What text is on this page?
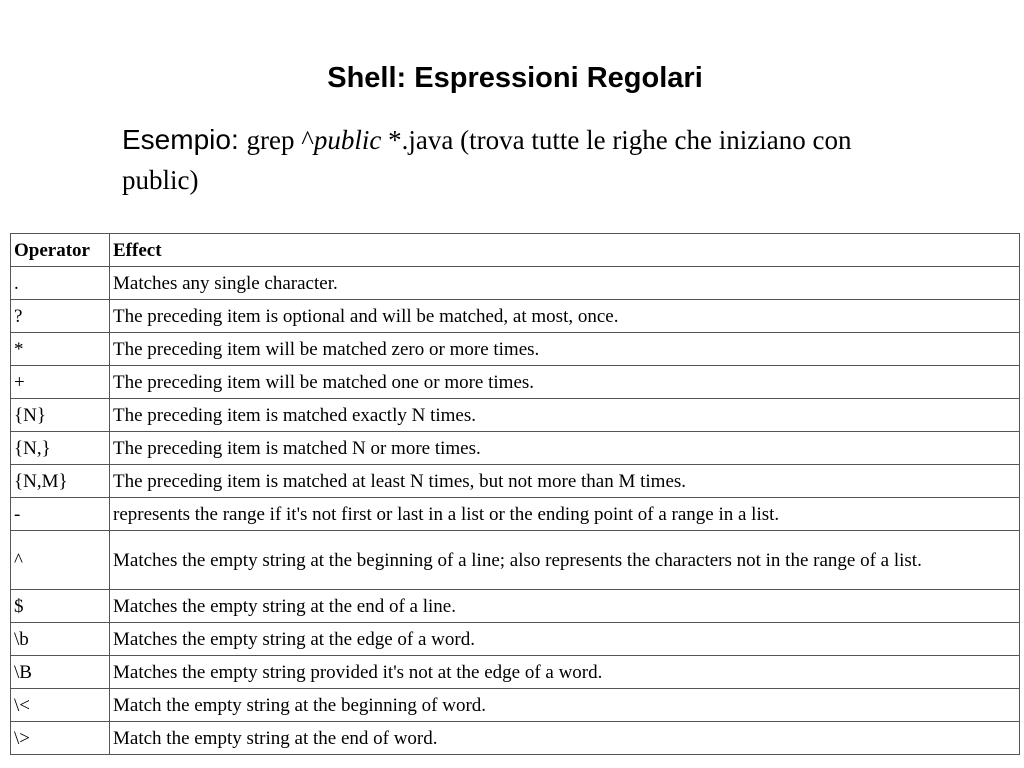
Shell: Espressioni Regolari

Esempio: grep ^public *.java (trova tutte le righe che iniziano con public)

Operator	Effect
.	Matches any single character.
?	The preceding item is optional and will be matched, at most, once.
*	The preceding item will be matched zero or more times.
+	The preceding item will be matched one or more times.
{N}	The preceding item is matched exactly N times.
{N,}	The preceding item is matched N or more times.
{N,M}	The preceding item is matched at least N times, but not more than M times.
-	represents the range if it's not first or last in a list or the ending point of a range in a list.
^	Matches the empty string at the beginning of a line; also represents the characters not in the range of a list.
$	Matches the empty string at the end of a line.
\b	Matches the empty string at the edge of a word.
\B	Matches the empty string provided it's not at the edge of a word.
\<	Match the empty string at the beginning of word.
\>	Match the empty string at the end of word.
